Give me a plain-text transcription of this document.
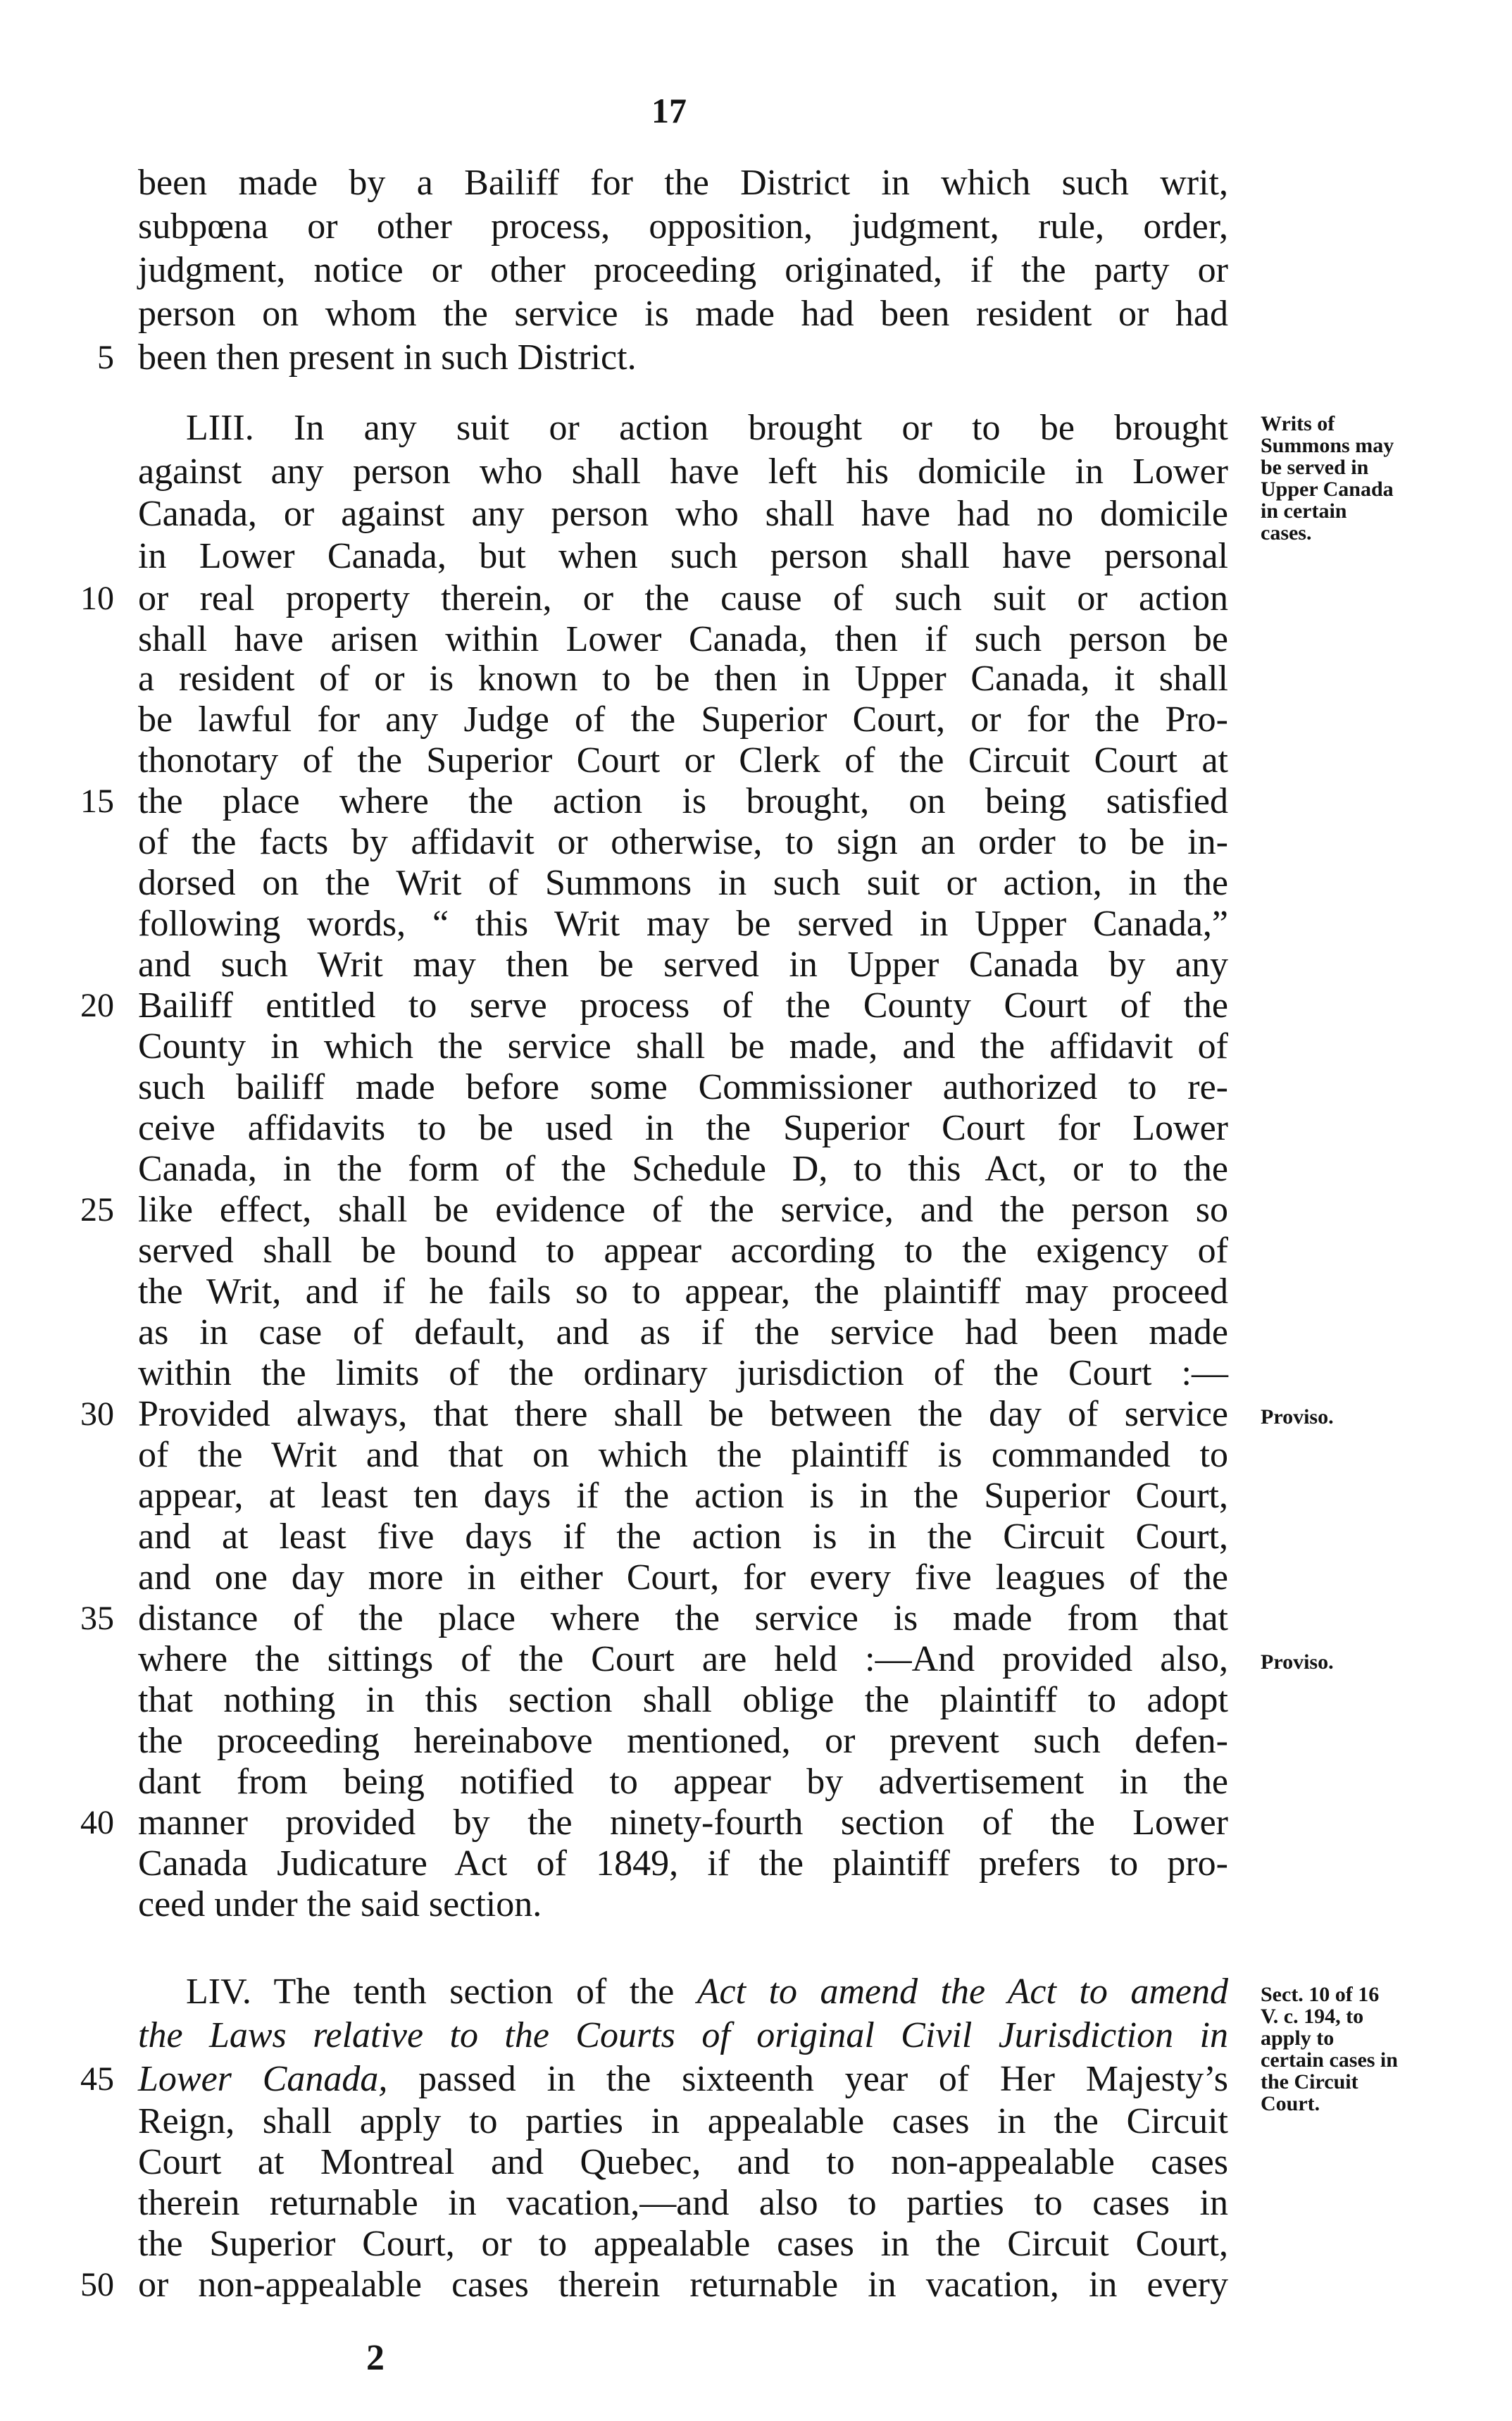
17
been made by a Bailiff for the District in which such writ,
subpœna or other process, opposition, judgment, rule, order,
judgment, notice or other proceeding originated, if the party or
person on whom the service is made had been resident or had
been then present in such District.
5
LIII. In any suit or action brought or to be brought
against any person who shall have left his domicile in Lower
Canada, or against any person who shall have had no domicile
in Lower Canada, but when such person shall have personal
or real property therein, or the cause of such suit or action
10
shall have arisen within Lower Canada, then if such person be
a resident of or is known to be then in Upper Canada, it shall
be lawful for any Judge of the Superior Court, or for the Pro-
thonotary of the Superior Court or Clerk of the Circuit Court at
the place where the action is brought, on being satisfied
15
of the facts by affidavit or otherwise, to sign an order to be in-
dorsed on the Writ of Summons in such suit or action, in the
following words, “ this Writ may be served in Upper Canada,”
and such Writ may then be served in Upper Canada by any
Bailiff entitled to serve process of the County Court of the
20
County in which the service shall be made, and the affidavit of
such bailiff made before some Commissioner authorized to re-
ceive affidavits to be used in the Superior Court for Lower
Canada, in the form of the Schedule D, to this Act, or to the
like effect, shall be evidence of the service, and the person so
25
served shall be bound to appear according to the exigency of
the Writ, and if he fails so to appear, the plaintiff may proceed
as in case of default, and as if the service had been made
within the limits of the ordinary jurisdiction of the Court :—
Provided always, that there shall be between the day of service
30
of the Writ and that on which the plaintiff is commanded to
appear, at least ten days if the action is in the Superior Court,
and at least five days if the action is in the Circuit Court,
and one day more in either Court, for every five leagues of the
distance of the place where the service is made from that
35
where the sittings of the Court are held :—And provided also,
that nothing in this section shall oblige the plaintiff to adopt
the proceeding hereinabove mentioned, or prevent such defen-
dant from being notified to appear by advertisement in the
manner provided by the ninety-fourth section of the Lower
40
Canada Judicature Act of 1849, if the plaintiff prefers to pro-
ceed under the said section.
LIV. The tenth section of the Act to amend the Act to amend
the Laws relative to the Courts of original Civil Jurisdiction in
45 Lower Canada, passed in the sixteenth year of Her Majesty’s
Reign, shall apply to parties in appealable cases in the Circuit
Court at Montreal and Quebec, and to non-appealable cases
therein returnable in vacation,—and also to parties to cases in
the Superior Court, or to appealable cases in the Circuit Court,
or non-appealable cases therein returnable in vacation, in every
50
Writs of Summons may be served in Upper Canada in certain cases.
Proviso.
Proviso.
Sect. 10 of 16 V. c. 194, to apply to certain cases in the Circuit Court.
2
